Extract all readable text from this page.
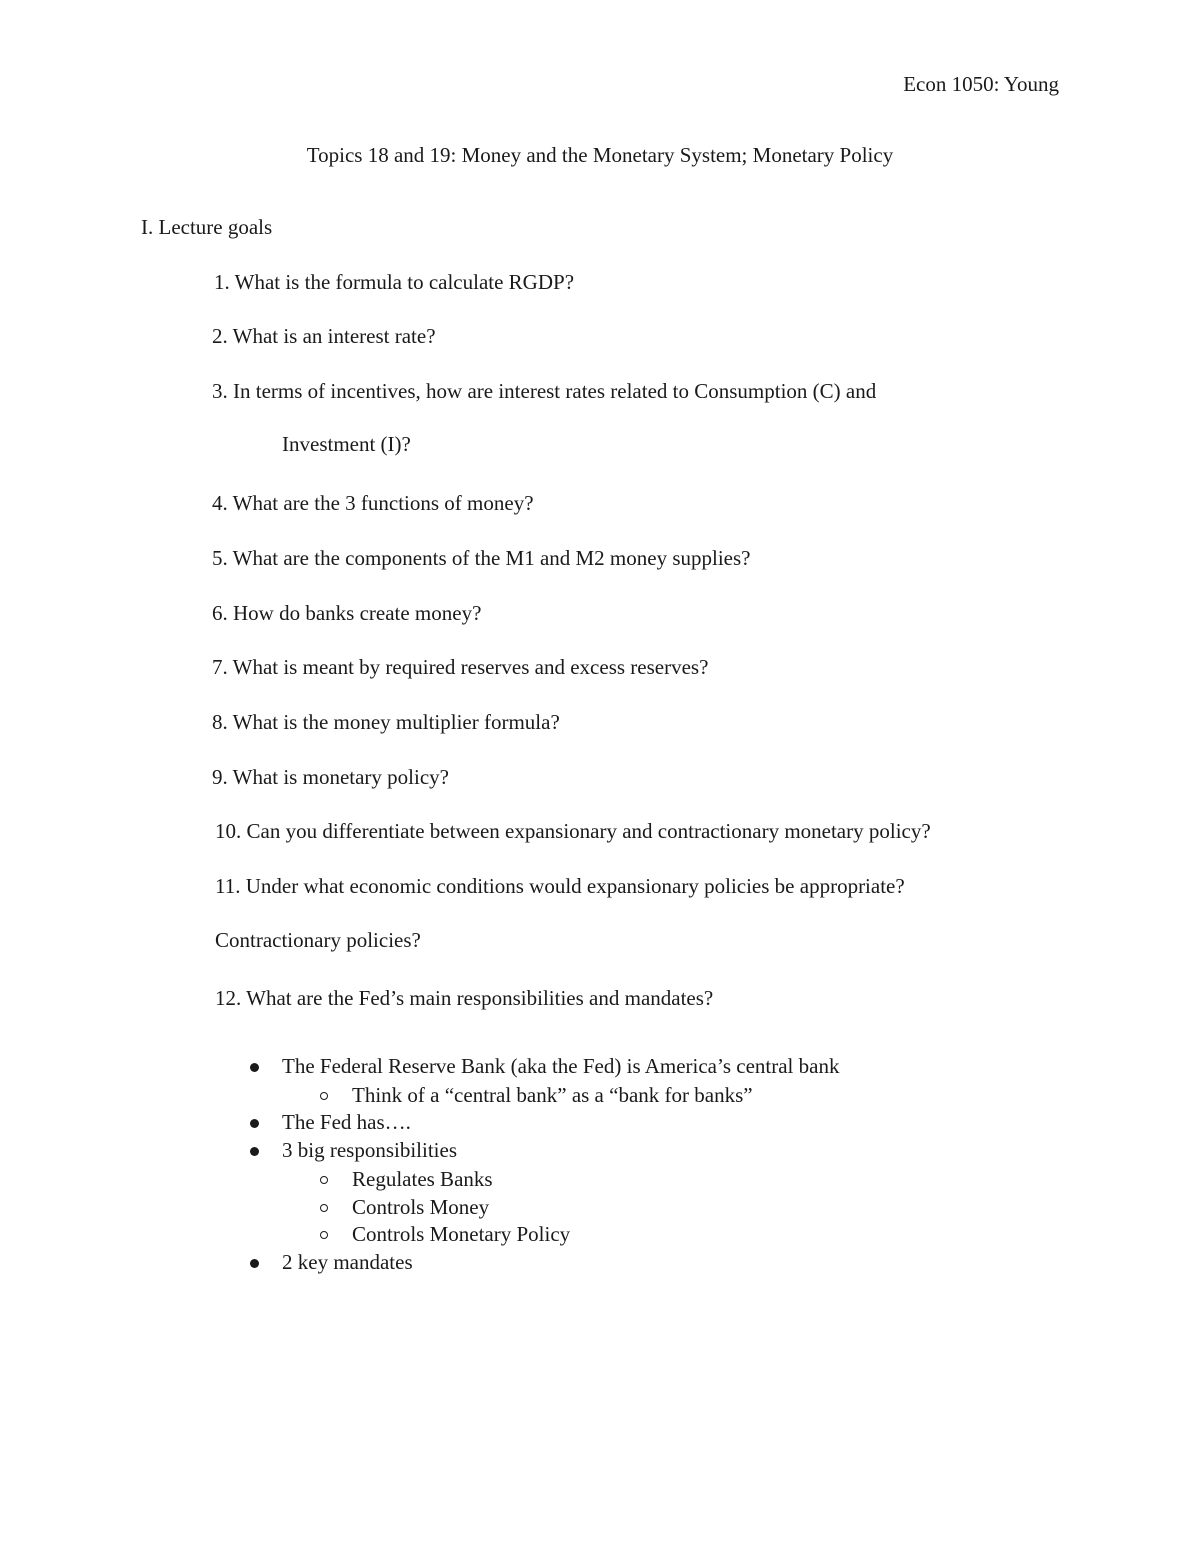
Econ 1050: Young
Topics 18 and 19: Money and the Monetary System; Monetary Policy
I. Lecture goals
1. What is the formula to calculate RGDP?
2. What is an interest rate?
3. In terms of incentives, how are interest rates related to Consumption (C) and
Investment (I)?
4. What are the 3 functions of money?
5. What are the components of the M1 and M2 money supplies?
6. How do banks create money?
7. What is meant by required reserves and excess reserves?
8. What is the money multiplier formula?
9. What is monetary policy?
10. Can you differentiate between expansionary and contractionary monetary policy?
11. Under what economic conditions would expansionary policies be appropriate?
Contractionary policies?
12. What are the Fed’s main responsibilities and mandates?
The Federal Reserve Bank (aka the Fed) is America’s central bank
Think of a “central bank” as a “bank for banks”
The Fed has….
3 big responsibilities
Regulates Banks
Controls Money
Controls Monetary Policy
2 key mandates
